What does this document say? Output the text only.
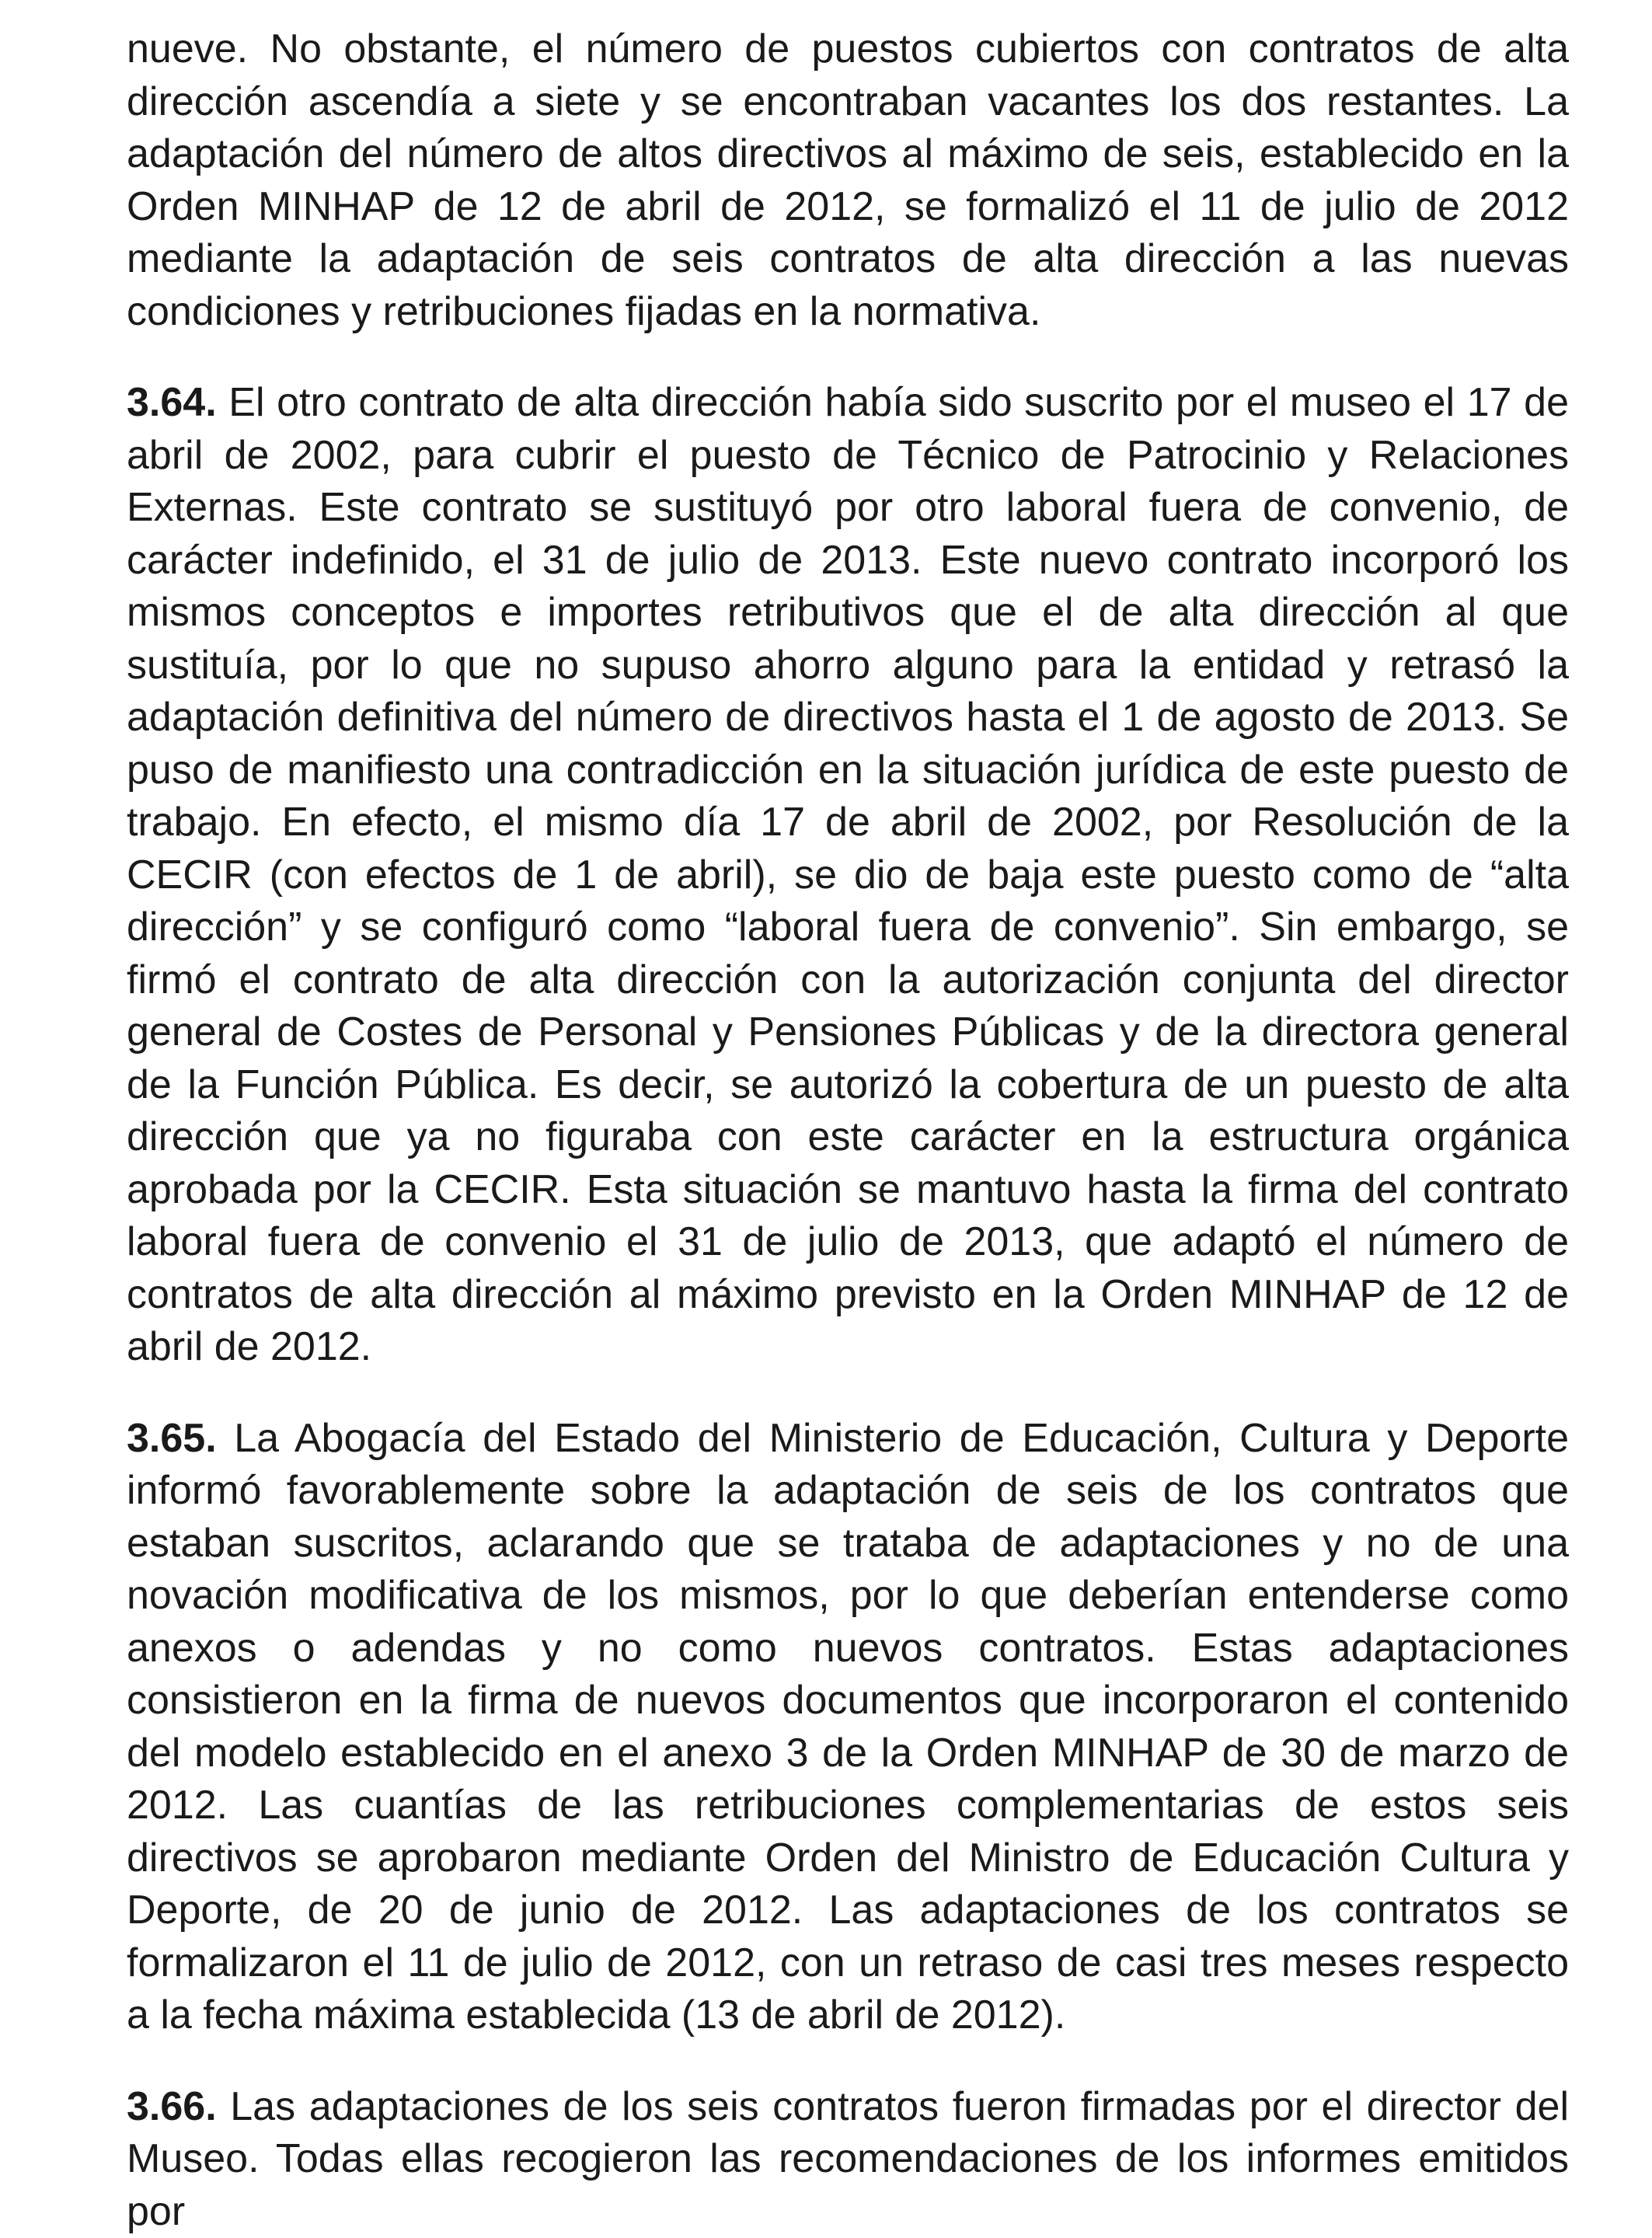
nueve. No obstante, el número de puestos cubiertos con contratos de alta dirección ascendía a siete y se encontraban vacantes los dos restantes. La adaptación del número de altos directivos al máximo de seis, establecido en la Orden MINHAP de 12 de abril de 2012, se formalizó el 11 de julio de 2012 mediante la adaptación de seis contratos de alta dirección a las nuevas condiciones y retribuciones fijadas en la normativa.

3.64. El otro contrato de alta dirección había sido suscrito por el museo el 17 de abril de 2002, para cubrir el puesto de Técnico de Patrocinio y Relaciones Externas. Este contrato se sustituyó por otro laboral fuera de convenio, de carácter indefinido, el 31 de julio de 2013. Este nuevo contrato incorporó los mismos conceptos e importes retributivos que el de alta dirección al que sustituía, por lo que no supuso ahorro alguno para la entidad y retrasó la adaptación definitiva del número de directivos hasta el 1 de agosto de 2013. Se puso de manifiesto una contradicción en la situación jurídica de este puesto de trabajo. En efecto, el mismo día 17 de abril de 2002, por Resolución de la CECIR (con efectos de 1 de abril), se dio de baja este puesto como de “alta dirección” y se configuró como “laboral fuera de convenio”. Sin embargo, se firmó el contrato de alta dirección con la autorización conjunta del director general de Costes de Personal y Pensiones Públicas y de la directora general de la Función Pública. Es decir, se autorizó la cobertura de un puesto de alta dirección que ya no figuraba con este carácter en la estructura orgánica aprobada por la CECIR. Esta situación se mantuvo hasta la firma del contrato laboral fuera de convenio el 31 de julio de 2013, que adaptó el número de contratos de alta dirección al máximo previsto en la Orden MINHAP de 12 de abril de 2012.

3.65. La Abogacía del Estado del Ministerio de Educación, Cultura y Deporte informó favorablemente sobre la adaptación de seis de los contratos que estaban suscritos, aclarando que se trataba de adaptaciones y no de una novación modificativa de los mismos, por lo que deberían entenderse como anexos o adendas y no como nuevos contratos. Estas adaptaciones consistieron en la firma de nuevos documentos que incorporaron el contenido del modelo establecido en el anexo 3 de la Orden MINHAP de 30 de marzo de 2012. Las cuantías de las retribuciones complementarias de estos seis directivos se aprobaron mediante Orden del Ministro de Educación Cultura y Deporte, de 20 de junio de 2012. Las adaptaciones de los contratos se formalizaron el 11 de julio de 2012, con un retraso de casi tres meses respecto a la fecha máxima establecida (13 de abril de 2012).

3.66. Las adaptaciones de los seis contratos fueron firmadas por el director del Museo. Todas ellas recogieron las recomendaciones de los informes emitidos por
